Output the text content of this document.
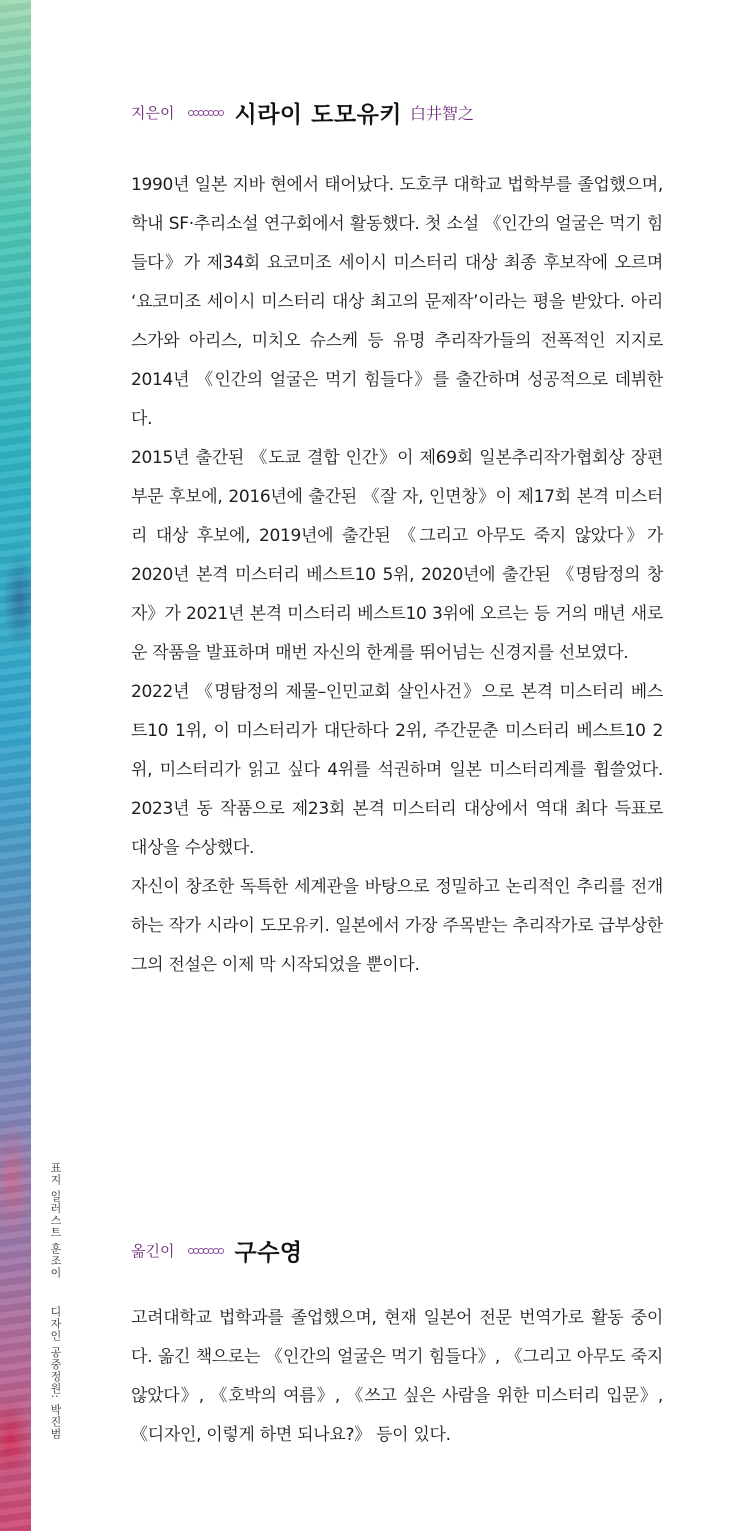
지은이	시라이 도모유키 白井智之

1990년 일본 지바 현에서 태어났다. 도호쿠 대학교 법학부를 졸업했으며, 학내 SF·추리소설 연구회에서 활동했다. 첫 소설 《인간의 얼굴은 먹기 힘들다》가 제34회 요코미조 세이시 미스터리 대상 최종 후보작에 오르며 ‘요코미조 세이시 미스터리 대상 최고의 문제작’이라는 평을 받았다. 아리스가와 아리스, 미치오 슈스케 등 유명 추리작가들의 전폭적인 지지로 2014년 《인간의 얼굴은 먹기 힘들다》를 출간하며 성공적으로 데뷔한다.

2015년 출간된 《도쿄 결합 인간》이 제69회 일본추리작가협회상 장편 부문 후보에, 2016년에 출간된 《잘 자, 인면창》이 제17회 본격 미스터리 대상 후보에, 2019년에 출간된 《그리고 아무도 죽지 않았다》가 2020년 본격 미스터리 베스트10 5위, 2020년에 출간된 《명탐정의 창자》가 2021년 본격 미스터리 베스트10 3위에 오르는 등 거의 매년 새로운 작품을 발표하며 매번 자신의 한계를 뛰어넘는 신경지를 선보였다.

2022년 《명탐정의 제물–인민교회 살인사건》으로 본격 미스터리 베스트10 1위, 이 미스터리가 대단하다 2위, 주간문춘 미스터리 베스트10 2위, 미스터리가 읽고 싶다 4위를 석권하며 일본 미스터리계를 휩쓸었다. 2023년 동 작품으로 제23회 본격 미스터리 대상에서 역대 최다 득표로 대상을 수상했다.

자신이 창조한 독특한 세계관을 바탕으로 정밀하고 논리적인 추리를 전개하는 작가 시라이 도모유키. 일본에서 가장 주목받는 추리작가로 급부상한 그의 전설은 이제 막 시작되었을 뿐이다.

옮긴이	구수영

고려대학교 법학과를 졸업했으며, 현재 일본어 전문 번역가로 활동 중이다. 옮긴 책으로는 《인간의 얼굴은 먹기 힘들다》, 《그리고 아무도 죽지 않았다》, 《호박의 여름》, 《쓰고 싶은 사람을 위한 미스터리 입문》, 《디자인, 이렇게 하면 되나요?》 등이 있다.

표지 일러스트 훈조이 디자인 공중정원: 박진범
